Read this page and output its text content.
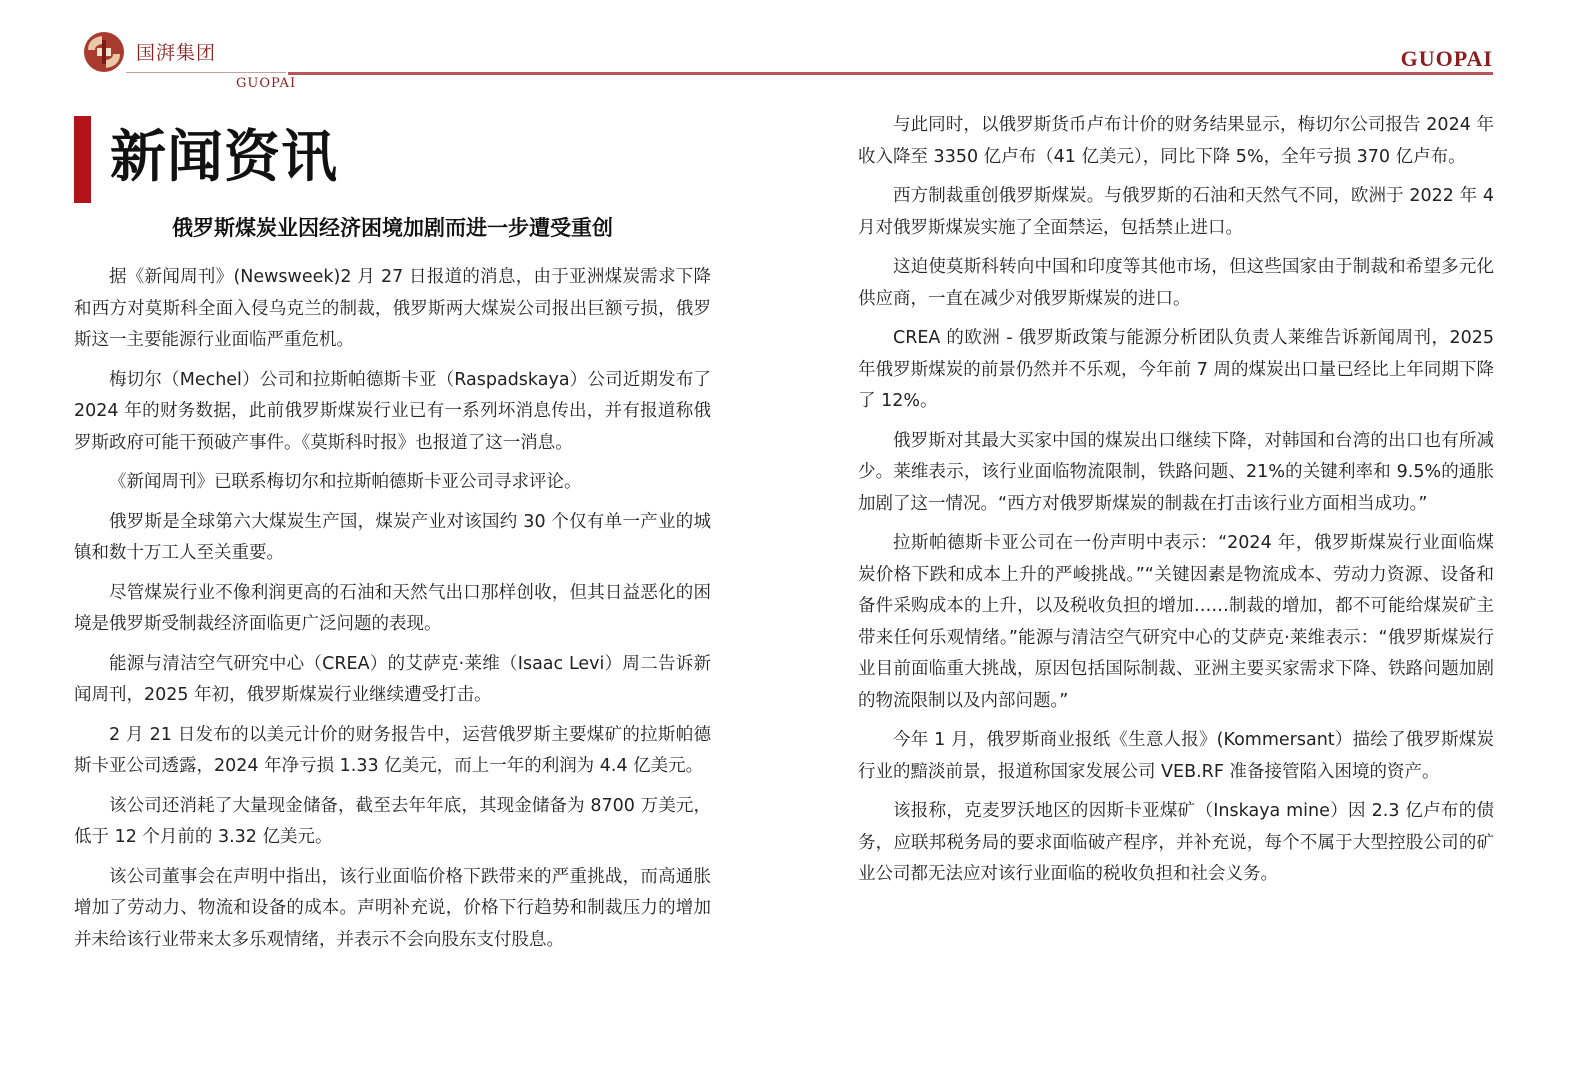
国湃集团
GUOPAI
GUOPAI
新闻资讯
俄罗斯煤炭业因经济困境加剧而进一步遭受重创

据《新闻周刊》(Newsweek)2 月 27 日报道的消息，由于亚洲煤炭需求下降和西方对莫斯科全面入侵乌克兰的制裁，俄罗斯两大煤炭公司报出巨额亏损，俄罗斯这一主要能源行业面临严重危机。

梅切尔（Mechel）公司和拉斯帕德斯卡亚（Raspadskaya）公司近期发布了 2024 年的财务数据，此前俄罗斯煤炭行业已有一系列坏消息传出，并有报道称俄罗斯政府可能干预破产事件。《莫斯科时报》也报道了这一消息。

《新闻周刊》已联系梅切尔和拉斯帕德斯卡亚公司寻求评论。

俄罗斯是全球第六大煤炭生产国，煤炭产业对该国约 30 个仅有单一产业的城镇和数十万工人至关重要。

尽管煤炭行业不像利润更高的石油和天然气出口那样创收，但其日益恶化的困境是俄罗斯受制裁经济面临更广泛问题的表现。

能源与清洁空气研究中心（CREA）的艾萨克·莱维（Isaac Levi）周二告诉新闻周刊，2025 年初，俄罗斯煤炭行业继续遭受打击。

2 月 21 日发布的以美元计价的财务报告中，运营俄罗斯主要煤矿的拉斯帕德斯卡亚公司透露，2024 年净亏损 1.33 亿美元，而上一年的利润为 4.4 亿美元。

该公司还消耗了大量现金储备，截至去年年底，其现金储备为 8700 万美元，低于 12 个月前的 3.32 亿美元。

该公司董事会在声明中指出，该行业面临价格下跌带来的严重挑战，而高通胀增加了劳动力、物流和设备的成本。声明补充说，价格下行趋势和制裁压力的增加并未给该行业带来太多乐观情绪，并表示不会向股东支付股息。

与此同时，以俄罗斯货币卢布计价的财务结果显示，梅切尔公司报告 2024 年收入降至 3350 亿卢布（41 亿美元），同比下降 5%，全年亏损 370 亿卢布。

西方制裁重创俄罗斯煤炭。与俄罗斯的石油和天然气不同，欧洲于 2022 年 4 月对俄罗斯煤炭实施了全面禁运，包括禁止进口。

这迫使莫斯科转向中国和印度等其他市场，但这些国家由于制裁和希望多元化供应商，一直在减少对俄罗斯煤炭的进口。

CREA 的欧洲 - 俄罗斯政策与能源分析团队负责人莱维告诉新闻周刊，2025 年俄罗斯煤炭的前景仍然并不乐观，今年前 7 周的煤炭出口量已经比上年同期下降了 12%。

俄罗斯对其最大买家中国的煤炭出口继续下降，对韩国和台湾的出口也有所减少。莱维表示，该行业面临物流限制，铁路问题、21%的关键利率和 9.5%的通胀加剧了这一情况。“西方对俄罗斯煤炭的制裁在打击该行业方面相当成功。”

拉斯帕德斯卡亚公司在一份声明中表示：“2024 年，俄罗斯煤炭行业面临煤炭价格下跌和成本上升的严峻挑战。”“关键因素是物流成本、劳动力资源、设备和备件采购成本的上升，以及税收负担的增加……制裁的增加，都不可能给煤炭矿主带来任何乐观情绪。”能源与清洁空气研究中心的艾萨克·莱维表示：“俄罗斯煤炭行业目前面临重大挑战，原因包括国际制裁、亚洲主要买家需求下降、铁路问题加剧的物流限制以及内部问题。”

今年 1 月，俄罗斯商业报纸《生意人报》(Kommersant）描绘了俄罗斯煤炭行业的黯淡前景，报道称国家发展公司 VEB.RF 准备接管陷入困境的资产。

该报称，克麦罗沃地区的因斯卡亚煤矿（Inskaya mine）因 2.3 亿卢布的债务，应联邦税务局的要求面临破产程序，并补充说，每个不属于大型控股公司的矿业公司都无法应对该行业面临的税收负担和社会义务。
